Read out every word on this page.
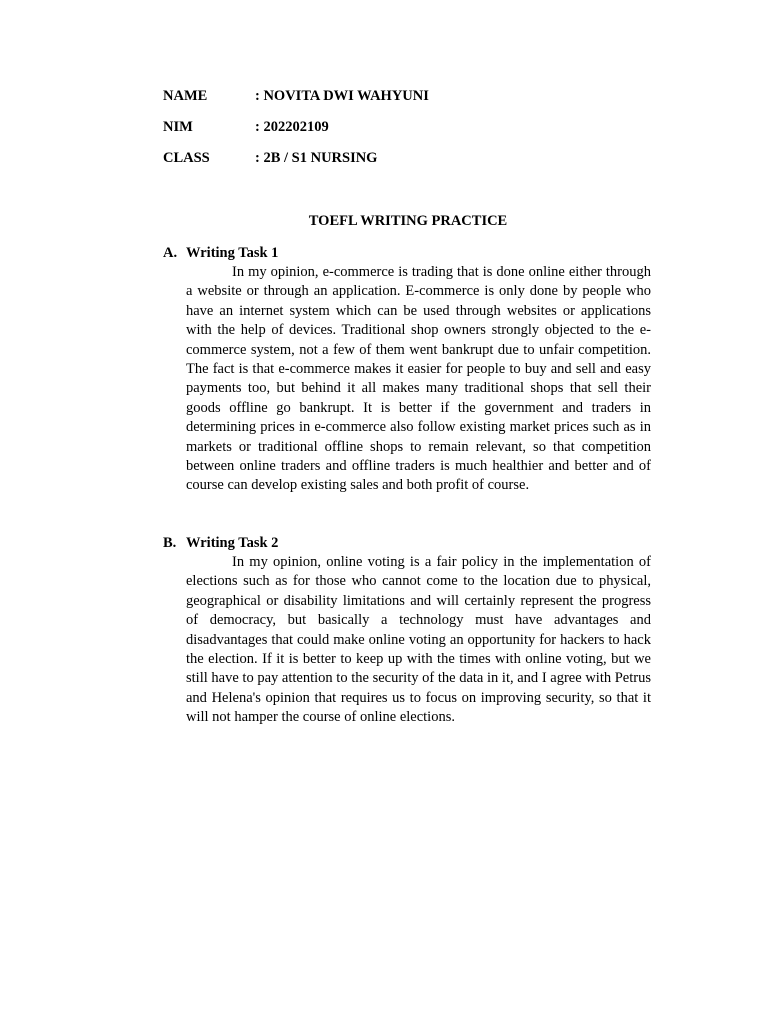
NAME	: NOVITA DWI WAHYUNI
NIM	: 202202109
CLASS	: 2B / S1 NURSING
TOEFL WRITING PRACTICE
A. Writing Task 1

In my opinion, e-commerce is trading that is done online either through a website or through an application. E-commerce is only done by people who have an internet system which can be used through websites or applications with the help of devices. Traditional shop owners strongly objected to the e-commerce system, not a few of them went bankrupt due to unfair competition. The fact is that e-commerce makes it easier for people to buy and sell and easy payments too, but behind it all makes many traditional shops that sell their goods offline go bankrupt. It is better if the government and traders in determining prices in e-commerce also follow existing market prices such as in markets or traditional offline shops to remain relevant, so that competition between online traders and offline traders is much healthier and better and of course can develop existing sales and both profit of course.

B. Writing Task 2

In my opinion, online voting is a fair policy in the implementation of elections such as for those who cannot come to the location due to physical, geographical or disability limitations and will certainly represent the progress of democracy, but basically a technology must have advantages and disadvantages that could make online voting an opportunity for hackers to hack the election. If it is better to keep up with the times with online voting, but we still have to pay attention to the security of the data in it, and I agree with Petrus and Helena's opinion that requires us to focus on improving security, so that it will not hamper the course of online elections.
